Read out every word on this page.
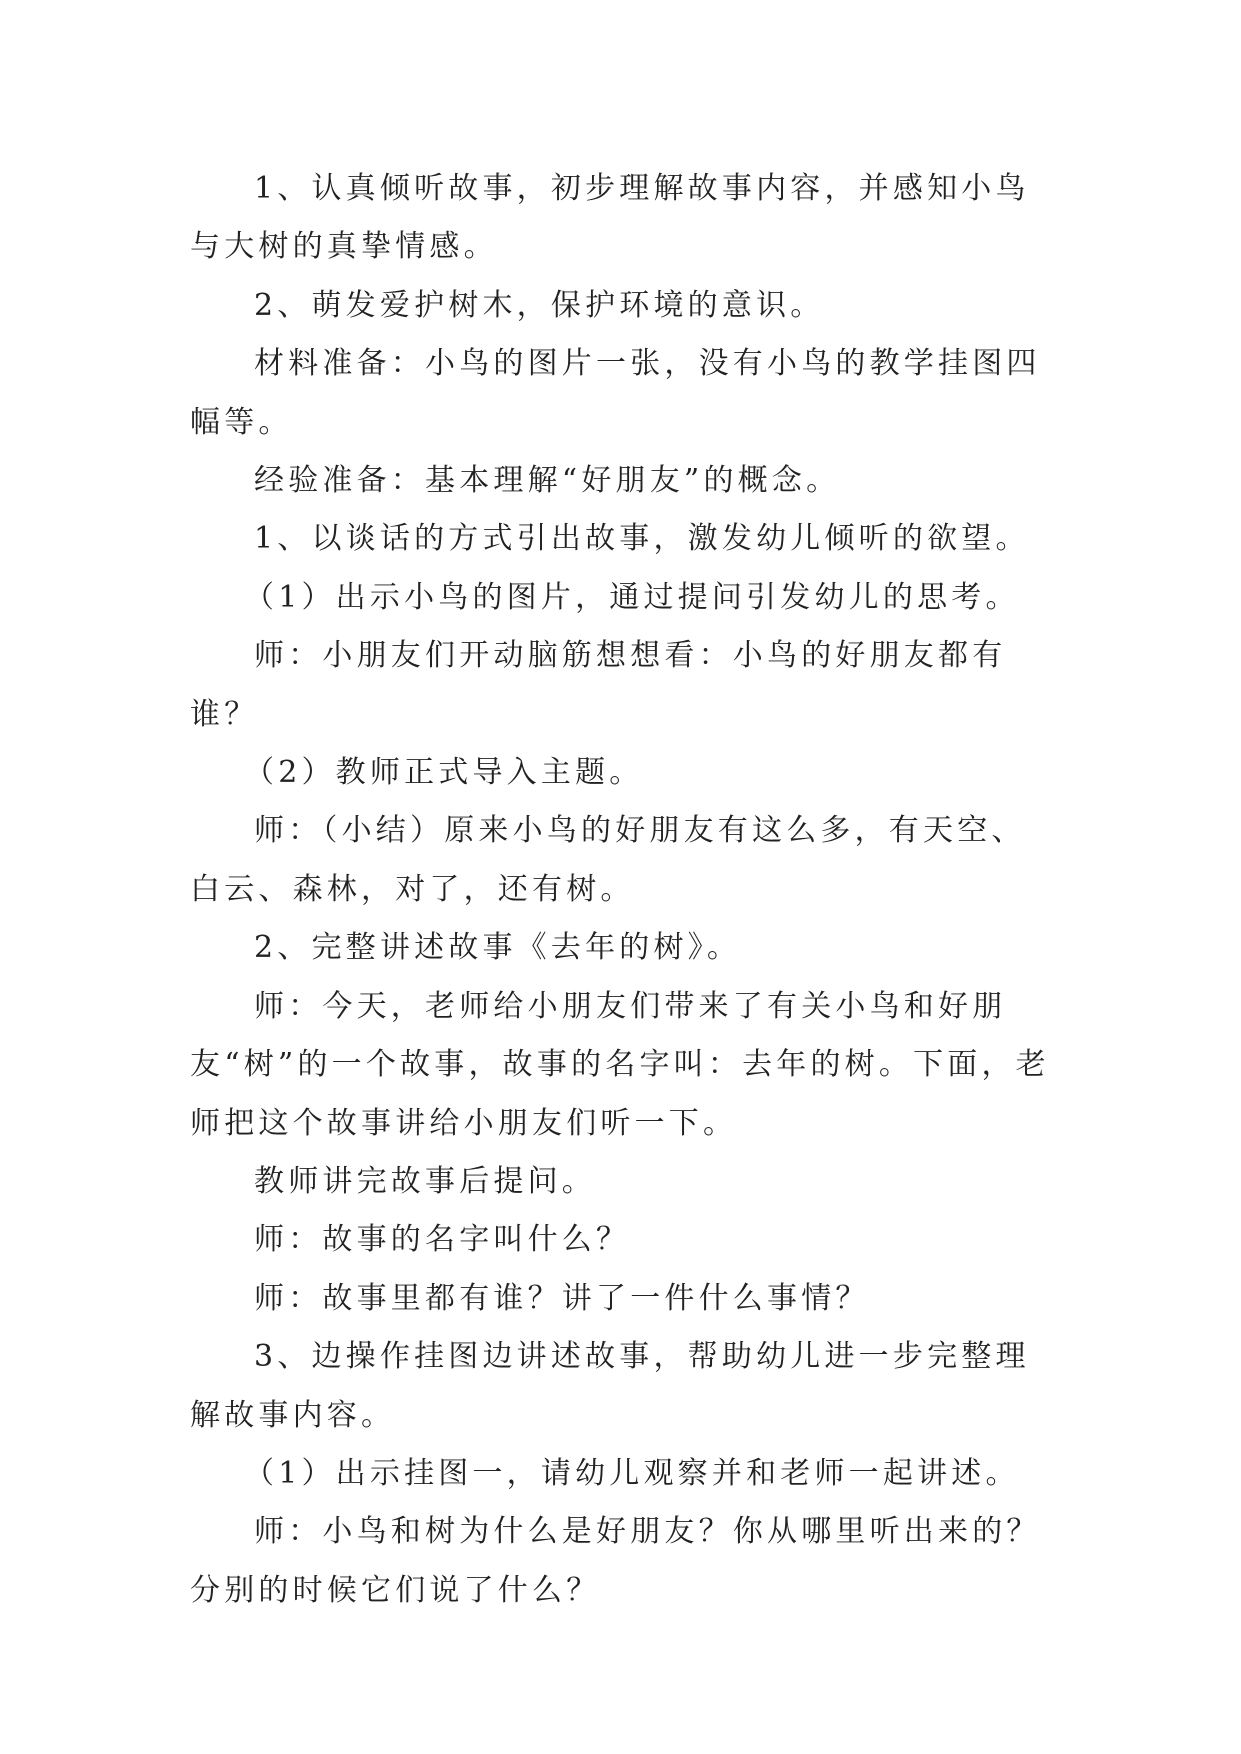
1、认真倾听故事，初步理解故事内容，并感知小鸟与大树的真挚情感。

2、萌发爱护树木，保护环境的意识。

材料准备：小鸟的图片一张，没有小鸟的教学挂图四幅等。

经验准备：基本理解“好朋友”的概念。

1、以谈话的方式引出故事，激发幼儿倾听的欲望。

（1）出示小鸟的图片，通过提问引发幼儿的思考。

师：小朋友们开动脑筋想想看：小鸟的好朋友都有谁？

（2）教师正式导入主题。

师：（小结）原来小鸟的好朋友有这么多，有天空、白云、森林，对了，还有树。

2、完整讲述故事《去年的树》。

师：今天，老师给小朋友们带来了有关小鸟和好朋友“树”的一个故事，故事的名字叫：去年的树。下面，老师把这个故事讲给小朋友们听一下。

教师讲完故事后提问。

师：故事的名字叫什么？

师：故事里都有谁？讲了一件什么事情？

3、边操作挂图边讲述故事，帮助幼儿进一步完整理解故事内容。

（1）出示挂图一，请幼儿观察并和老师一起讲述。

师：小鸟和树为什么是好朋友？你从哪里听出来的？分别的时候它们说了什么？
